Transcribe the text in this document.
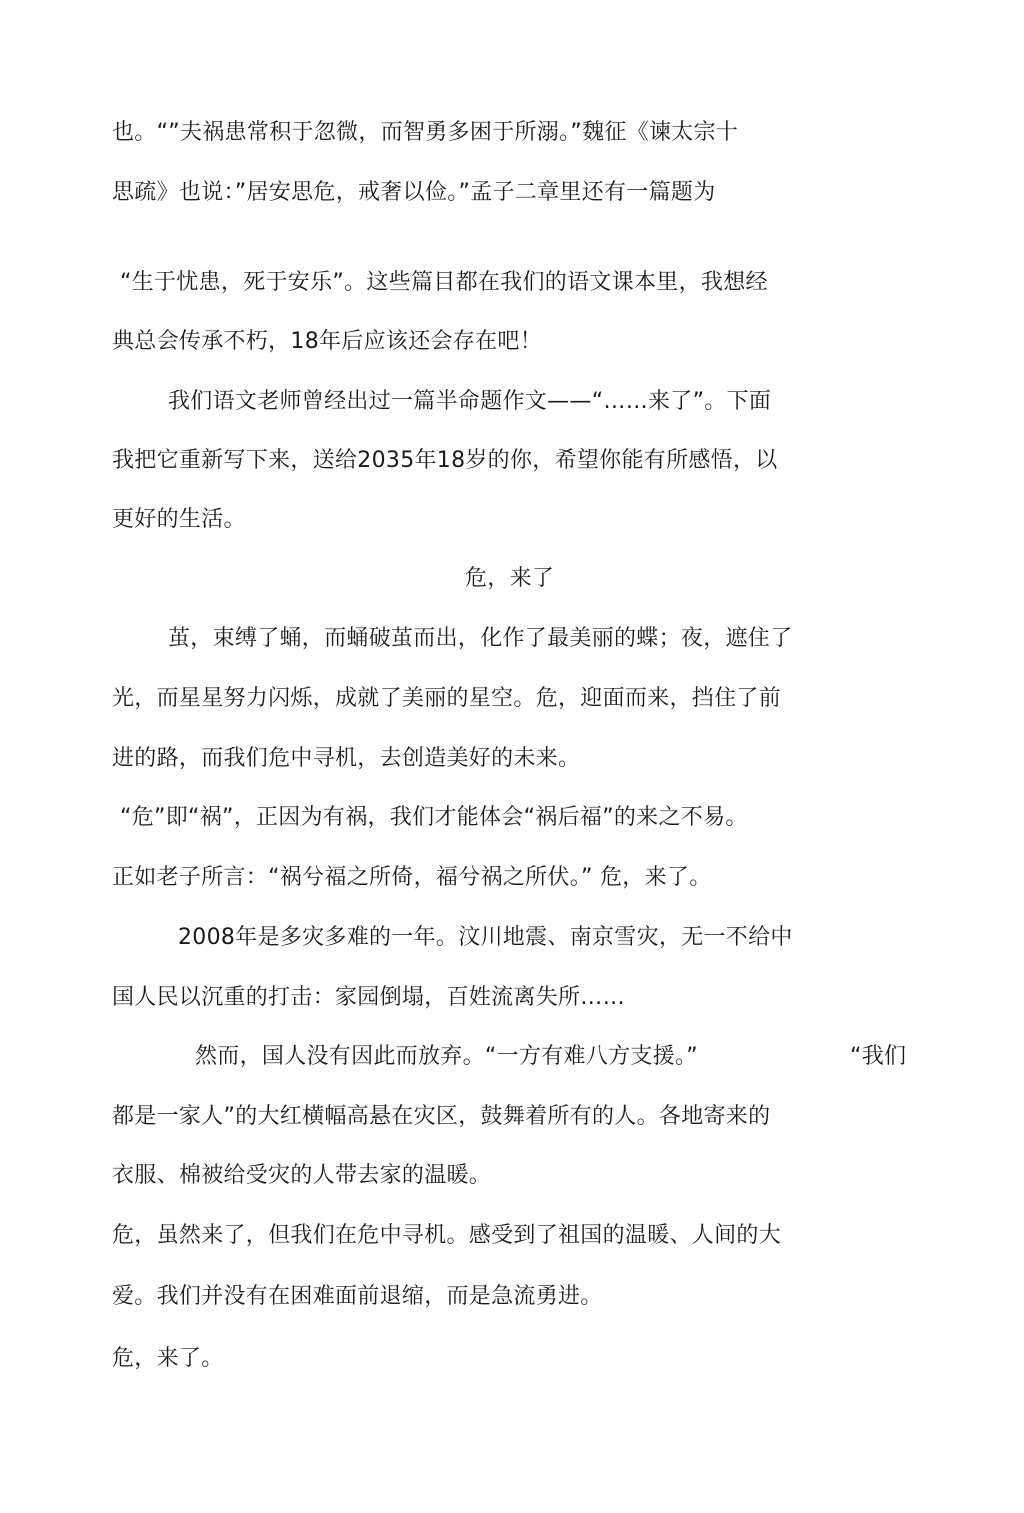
也。“”夫祸患常积于忽微，而智勇多困于所溺。”魏征《谏太宗十
思疏》也说：”居安思危，戒奢以俭。”孟子二章里还有一篇题为
“生于忧患，死于安乐”。这些篇目都在我们的语文课本里，我想经
典总会传承不朽，18年后应该还会存在吧！
我们语文老师曾经出过一篇半命题作文——“……来了”。下面
我把它重新写下来，送给2035年18岁的你，希望你能有所感悟，以
更好的生活。
危，来了
茧，束缚了蛹，而蛹破茧而出，化作了最美丽的蝶；夜，遮住了
光，而星星努力闪烁，成就了美丽的星空。危，迎面而来，挡住了前
进的路，而我们危中寻机，去创造美好的未来。
“危”即“祸”，正因为有祸，我们才能体会“祸后福”的来之不易。
正如老子所言：“祸兮福之所倚，福兮祸之所伏。” 危，来了。
2008年是多灾多难的一年。汶川地震、南京雪灾，无一不给中
国人民以沉重的打击：家园倒塌，百姓流离失所……
然而，国人没有因此而放弃。“一方有难八方支援。”	“我们
都是一家人”的大红横幅高悬在灾区，鼓舞着所有的人。各地寄来的
衣服、棉被给受灾的人带去家的温暖。
危，虽然来了，但我们在危中寻机。感受到了祖国的温暖、人间的大
爱。我们并没有在困难面前退缩，而是急流勇进。
危，来了。
